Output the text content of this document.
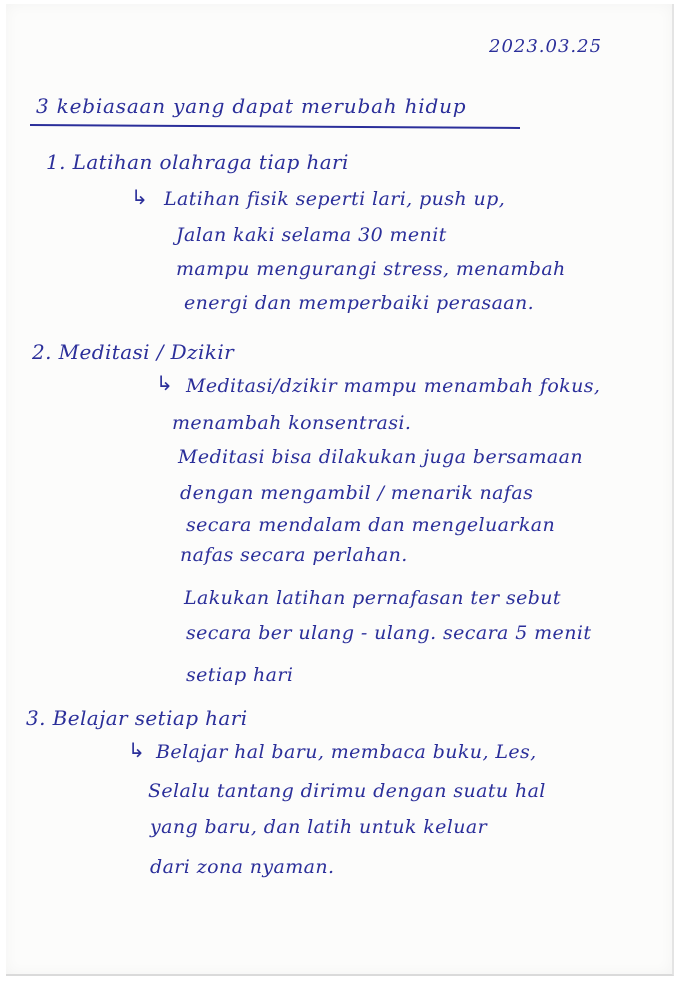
2023.03.25
3 kebiasaan yang dapat merubah hidup
1. Latihan olahraga tiap hari
↳ Latihan fisik seperti lari, push up,
Jalan kaki selama 30 menit
mampu mengurangi stress, menambah
energi dan memperbaiki perasaan.
2. Meditasi / Dzikir
↳ Meditasi/dzikir mampu menambah fokus,
menambah konsentrasi.
Meditasi bisa dilakukan juga bersamaan
dengan mengambil / menarik nafas
secara mendalam dan mengeluarkan
nafas secara perlahan.
Lakukan latihan pernafasan ter sebut
secara ber ulang - ulang. secara 5 menit
setiap hari
3. Belajar setiap hari
↳ Belajar hal baru, membaca buku, Les,
Selalu tantang dirimu dengan suatu hal
yang baru, dan latih untuk keluar
dari zona nyaman.
